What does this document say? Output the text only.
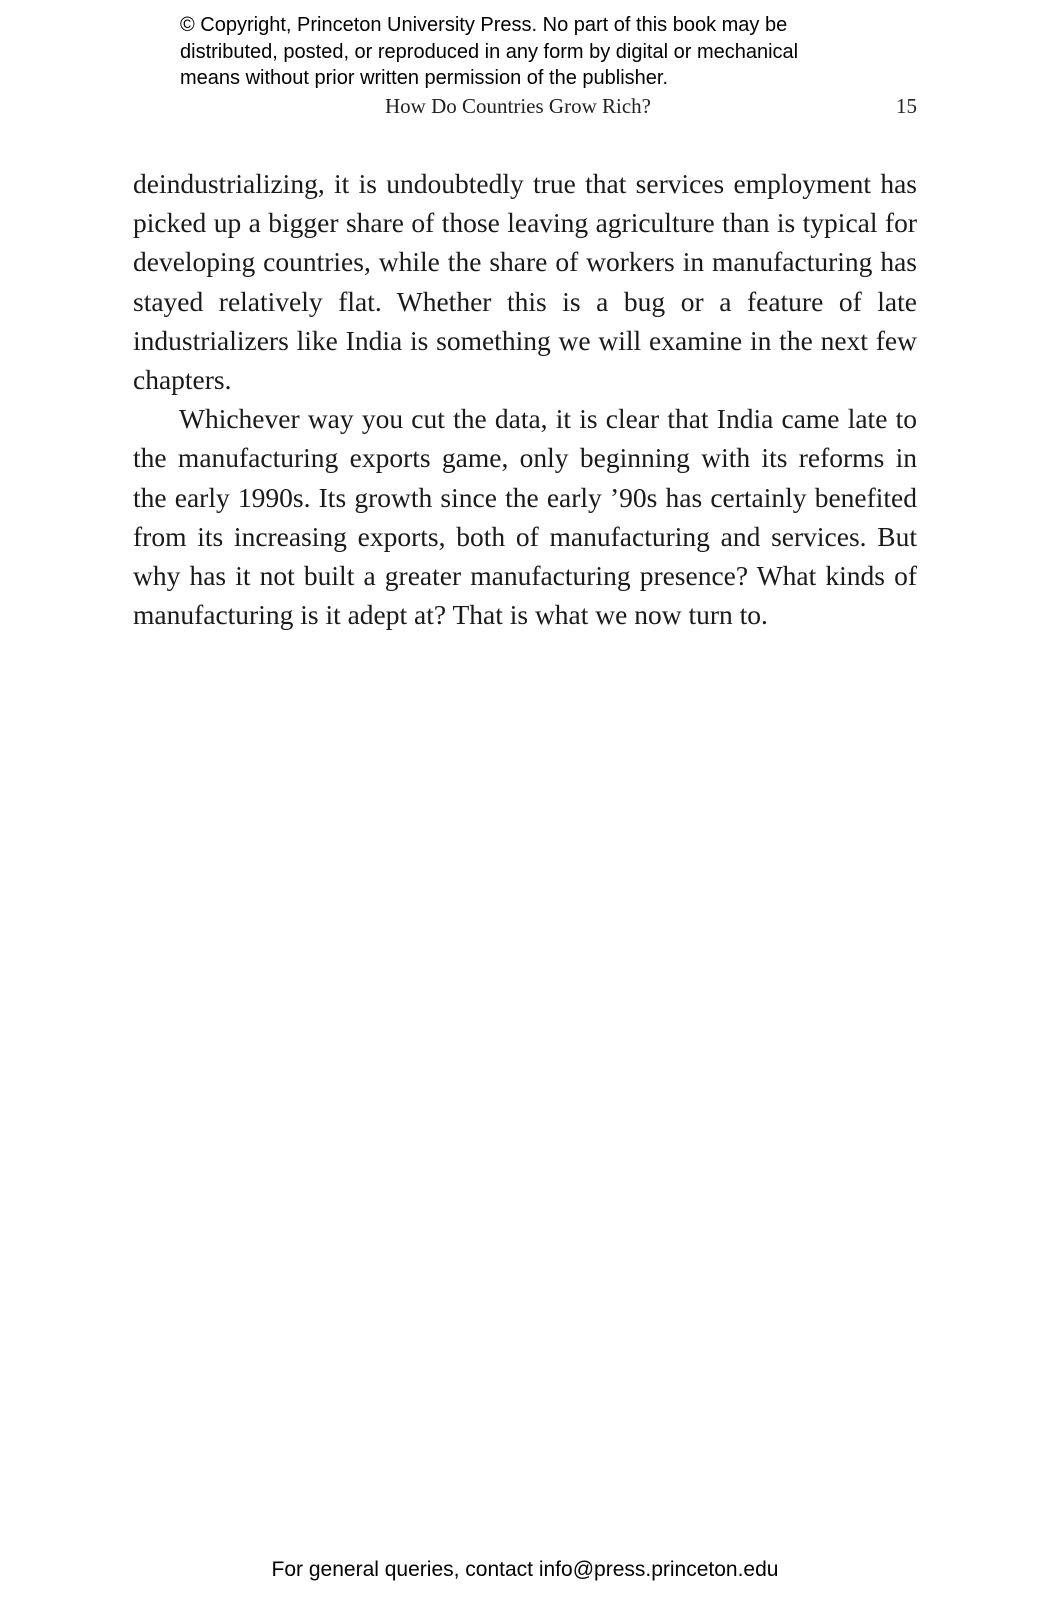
© Copyright, Princeton University Press. No part of this book may be

distributed, posted, or reproduced in any form by digital or mechanical

means without prior written permission of the publisher.

How Do Countries Grow Rich?	15

deindustrializing, it is undoubtedly true that services employment has picked up a bigger share of those leaving agriculture than is typical for developing countries, while the share of workers in manufacturing has stayed relatively flat. Whether this is a bug or a feature of late industrializers like India is something we will examine in the next few chapters.

Whichever way you cut the data, it is clear that India came late to the manufacturing exports game, only beginning with its reforms in the early 1990s. Its growth since the early ’90s has certainly benefited from its increasing exports, both of manufacturing and services. But why has it not built a greater manufacturing presence? What kinds of manufacturing is it adept at? That is what we now turn to.

For general queries, contact info@press.princeton.edu
